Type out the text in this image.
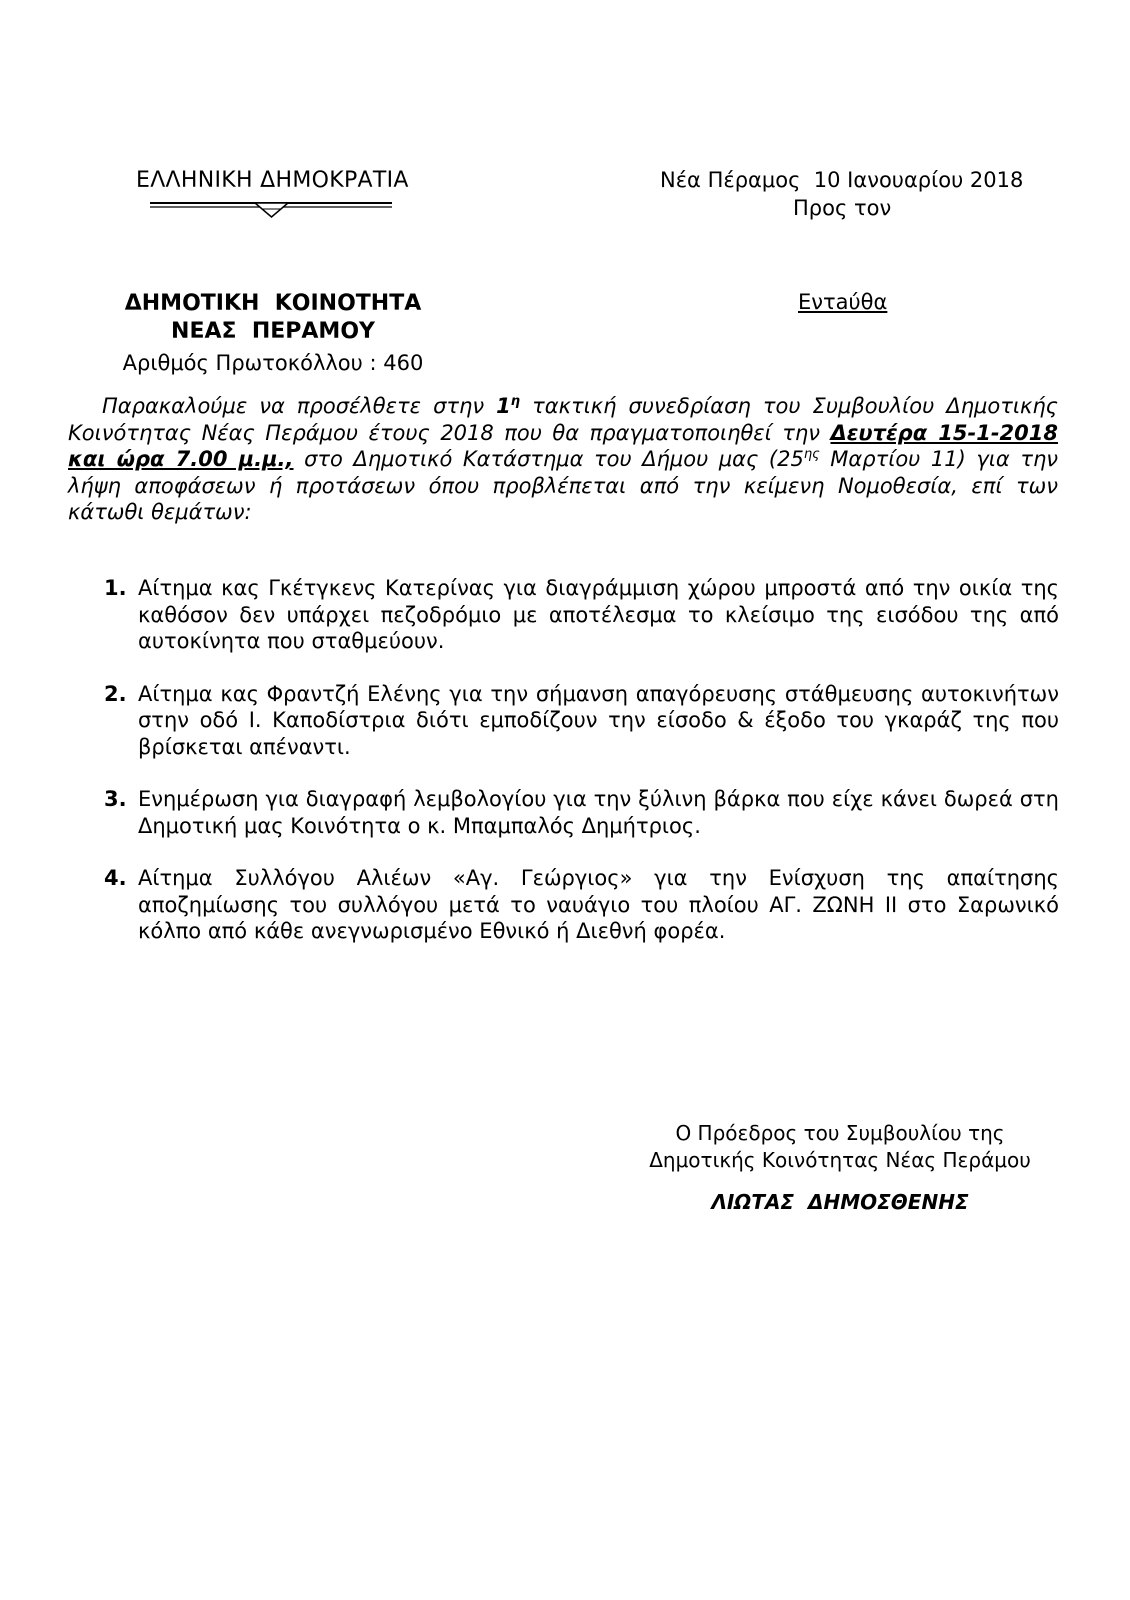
ΕΛΛΗΝΙΚΗ ΔΗΜΟΚΡΑΤΙΑ	Νέα Πέραμος  10 Ιανουαρίου 2018
Προς τον
Εντaύθα
ΔΗΜΟΤΙΚΗ  ΚΟΙΝΟΤΗΤΑ
ΝΕΑΣ  ΠΕΡΑΜΟΥ
Αριθμός Πρωτοκόλλου : 460
Παρακαλούμε να προσέλθετε στην $1^\eta$ τακτική συνεδρίαση του Συμβουλίου Δημοτικής Κοινότητας Νέας Περάμου έτους 2018 που θα πραγματοποιηθεί την Δευτέρα 15-1-2018 και ώρα 7.00 μ.μ., στο Δημοτικό Κατάστημα του Δήμου μας ($25^{\eta\varsigma}$ Μαρτίου 11) για την λήψη αποφάσεων ή προτάσεων όπου προβλέπεται από την κείμενη Νομοθεσία, επί των κάτωθι θεμάτων:
1. Αίτημα κας Γκέτγκενς Κατερίνας για διαγράμμιση χώρου μπροστά από την οικία της καθόσον δεν υπάρχει πεζοδρόμιο με αποτέλεσμα το κλείσιμο της εισόδου της από αυτοκίνητα που σταθμεύουν.
2. Αίτημα κας Φραντζή Ελένης για την σήμανση απαγόρευσης στάθμευσης αυτοκινήτων στην οδό Ι. Καποδίστρια διότι εμποδίζουν την είσοδο & έξοδο του γκαράζ της που βρίσκεται απέναντι.
3. Ενημέρωση για διαγραφή λεμβολογίου για την ξύλινη βάρκα που είχε κάνει δωρεά στη Δημοτική μας Κοινότητα ο κ. Μπαμπαλός Δημήτριος.
4. Αίτημα Συλλόγου Αλιέων «Αγ. Γεώργιος» για την Ενίσχυση της απαίτησης αποζημίωσης του συλλόγου μετά το ναυάγιο του πλοίου ΑΓ. ΖΩΝΗ ΙΙ στο Σαρωνικό κόλπο από κάθε ανεγνωρισμένο Εθνικό ή Διεθνή φορέα.
Ο Πρόεδρος του Συμβουλίου της
Δημοτικής Κοινότητας Νέας Περάμου
ΛΙΩΤΑΣ  ΔΗΜΟΣΘΕΝΗΣ
